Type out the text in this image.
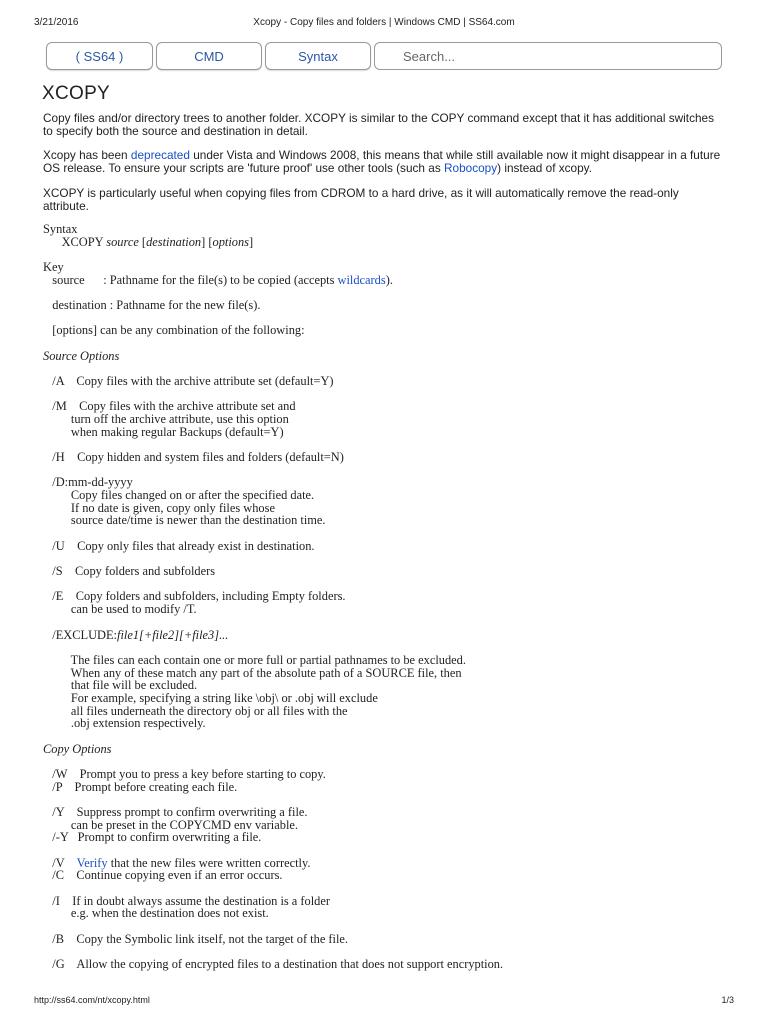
3/21/2016	Xcopy - Copy files and folders | Windows CMD | SS64.com
( SS64 )	CMD	Syntax
Search...
XCOPY

Copy files and/or directory trees to another folder. XCOPY is similar to the COPY command except that it has additional switches to specify both the source and destination in detail.

Xcopy has been deprecated under Vista and Windows 2008, this means that while still available now it might disappear in a future OS release. To ensure your scripts are 'future proof' use other tools (such as Robocopy) instead of xcopy.

XCOPY is particularly useful when copying files from CDROM to a hard drive, as it will automatically remove the read-only attribute.

Syntax
XCOPY source [destination] [options]

Key
source      : Pathname for the file(s) to be copied (accepts wildcards).

destination : Pathname for the new file(s).

[options] can be any combination of the following:

Source Options

/A    Copy files with the archive attribute set (default=Y)

/M    Copy files with the archive attribute set and
turn off the archive attribute, use this option
when making regular Backups (default=Y)

/H    Copy hidden and system files and folders (default=N)

/D:mm-dd-yyyy
Copy files changed on or after the specified date.
If no date is given, copy only files whose
source date/time is newer than the destination time.

/U    Copy only files that already exist in destination.

/S    Copy folders and subfolders

/E    Copy folders and subfolders, including Empty folders.
can be used to modify /T.

/EXCLUDE:file1[+file2][+file3]...

The files can each contain one or more full or partial pathnames to be excluded.
When any of these match any part of the absolute path of a SOURCE file, then
that file will be excluded.
For example, specifying a string like \obj\ or .obj will exclude
all files underneath the directory obj or all files with the
.obj extension respectively.

Copy Options

/W    Prompt you to press a key before starting to copy.
/P    Prompt before creating each file.

/Y    Suppress prompt to confirm overwriting a file.
can be preset in the COPYCMD env variable.
/-Y   Prompt to confirm overwriting a file.

/V    Verify that the new files were written correctly.
/C    Continue copying even if an error occurs.

/I    If in doubt always assume the destination is a folder
e.g. when the destination does not exist.

/B    Copy the Symbolic link itself, not the target of the file.

/G    Allow the copying of encrypted files to a destination that does not support encryption.
http://ss64.com/nt/xcopy.html	1/3
